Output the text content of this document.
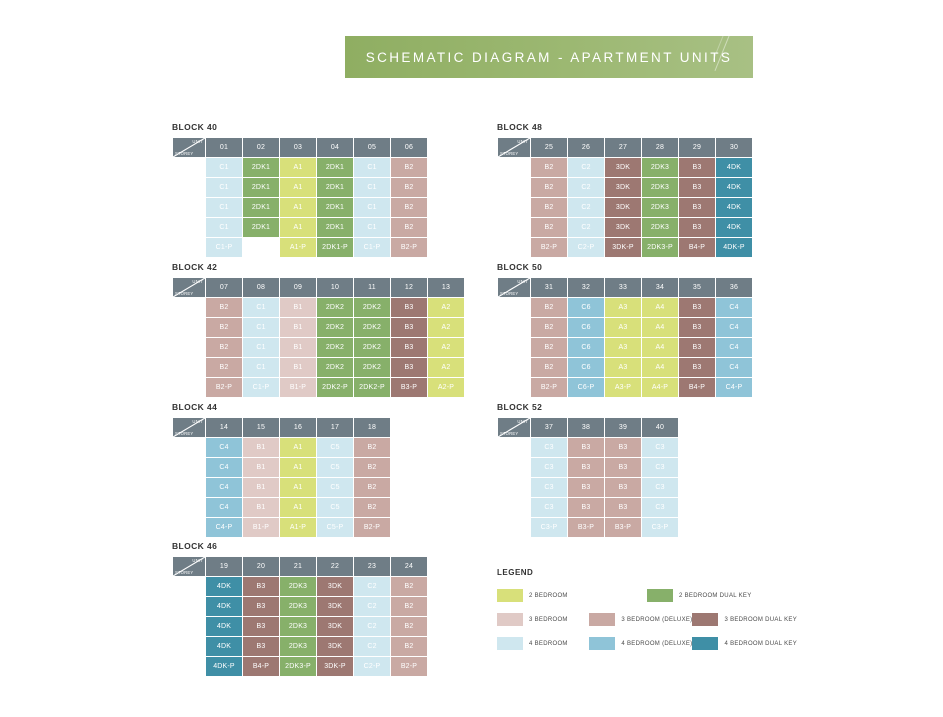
SCHEMATIC DIAGRAM - APARTMENT UNITS
BLOCK 40
UNIT
STOREY	01	02	03	04	05	06
05	C1	2DK1	A1	2DK1	C1	B2
04	C1	2DK1	A1	2DK1	C1	B2
03	C1	2DK1	A1	2DK1	C1	B2
02	C1	2DK1	A1	2DK1	C1	B2
01	C1-P		A1-P	2DK1-P	C1-P	B2-P
BLOCK 42
UNIT
STOREY	07	08	09	10	11	12	13
05	B2	C1	B1	2DK2	2DK2	B3	A2
04	B2	C1	B1	2DK2	2DK2	B3	A2
03	B2	C1	B1	2DK2	2DK2	B3	A2
02	B2	C1	B1	2DK2	2DK2	B3	A2
01	B2-P	C1-P	B1-P	2DK2-P	2DK2-P	B3-P	A2-P
BLOCK 44
UNIT
STOREY	14	15	16	17	18
05	C4	B1	A1	C5	B2
04	C4	B1	A1	C5	B2
03	C4	B1	A1	C5	B2
02	C4	B1	A1	C5	B2
01	C4-P	B1-P	A1-P	C5-P	B2-P
BLOCK 46
UNIT
STOREY	19	20	21	22	23	24
05	4DK	B3	2DK3	3DK	C2	B2
04	4DK	B3	2DK3	3DK	C2	B2
03	4DK	B3	2DK3	3DK	C2	B2
02	4DK	B3	2DK3	3DK	C2	B2
01	4DK-P	B4-P	2DK3-P	3DK-P	C2-P	B2-P
BLOCK 48
UNIT
STOREY	25	26	27	28	29	30
05	B2	C2	3DK	2DK3	B3	4DK
04	B2	C2	3DK	2DK3	B3	4DK
03	B2	C2	3DK	2DK3	B3	4DK
02	B2	C2	3DK	2DK3	B3	4DK
01	B2-P	C2-P	3DK-P	2DK3-P	B4-P	4DK-P
BLOCK 50
UNIT
STOREY	31	32	33	34	35	36
05	B2	C6	A3	A4	B3	C4
04	B2	C6	A3	A4	B3	C4
03	B2	C6	A3	A4	B3	C4
02	B2	C6	A3	A4	B3	C4
01	B2-P	C6-P	A3-P	A4-P	B4-P	C4-P
BLOCK 52
UNIT
STOREY	37	38	39	40
05	C3	B3	B3	C3
04	C3	B3	B3	C3
03	C3	B3	B3	C3
02	C3	B3	B3	C3
01	C3-P	B3-P	B3-P	C3-P
LEGEND
2 BEDROOM	2 BEDROOM DUAL KEY
3 BEDROOM	3 BEDROOM (DELUXE)	3 BEDROOM DUAL KEY
4 BEDROOM	4 BEDROOM (DELUXE)	4 BEDROOM DUAL KEY
